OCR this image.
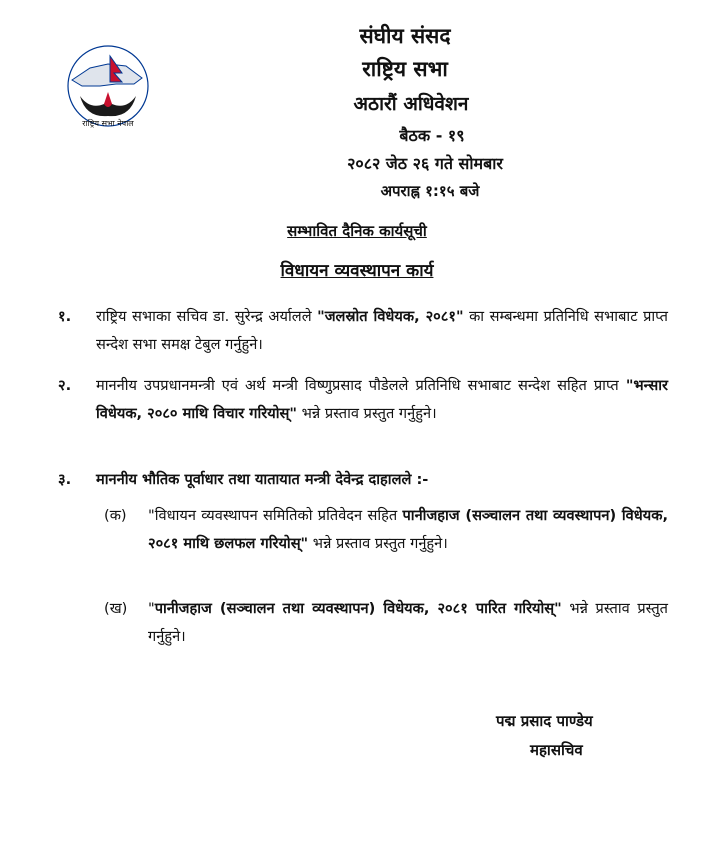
राष्ट्रिय सभा नेपाल
संघीय संसद
राष्ट्रिय सभा
अठारौं अधिवेशन
बैठक - १९
२०८२ जेठ २६ गते सोमबार
अपराह्न १:१५ बजे
सम्भावित दैनिक कार्यसूची
विधायन व्यवस्थापन कार्य
१.	राष्ट्रिय सभाका सचिव डा. सुरेन्द्र अर्यालले "जलस्रोत विधेयक, २०८१" का सम्बन्धमा प्रतिनिधि सभाबाट प्राप्त सन्देश सभा समक्ष टेबुल गर्नुहुने।
२.	माननीय उपप्रधानमन्त्री एवं अर्थ मन्त्री विष्णुप्रसाद पौडेलले प्रतिनिधि सभाबाट सन्देश सहित प्राप्त "भन्सार विधेयक, २०८० माथि विचार गरियोस्" भन्ने प्रस्ताव प्रस्तुत गर्नुहुने।
३.	माननीय भौतिक पूर्वाधार तथा यातायात मन्त्री देवेन्द्र दाहालले :-
(क)	"विधायन व्यवस्थापन समितिको प्रतिवेदन सहित पानीजहाज (सञ्चालन तथा व्यवस्थापन) विधेयक, २०८१ माथि छलफल गरियोस्" भन्ने प्रस्ताव प्रस्तुत गर्नुहुने।
(ख)	"पानीजहाज (सञ्चालन तथा व्यवस्थापन) विधेयक, २०८१ पारित गरियोस्" भन्ने प्रस्ताव प्रस्तुत गर्नुहुने।
पद्म प्रसाद पाण्डेय
महासचिव
